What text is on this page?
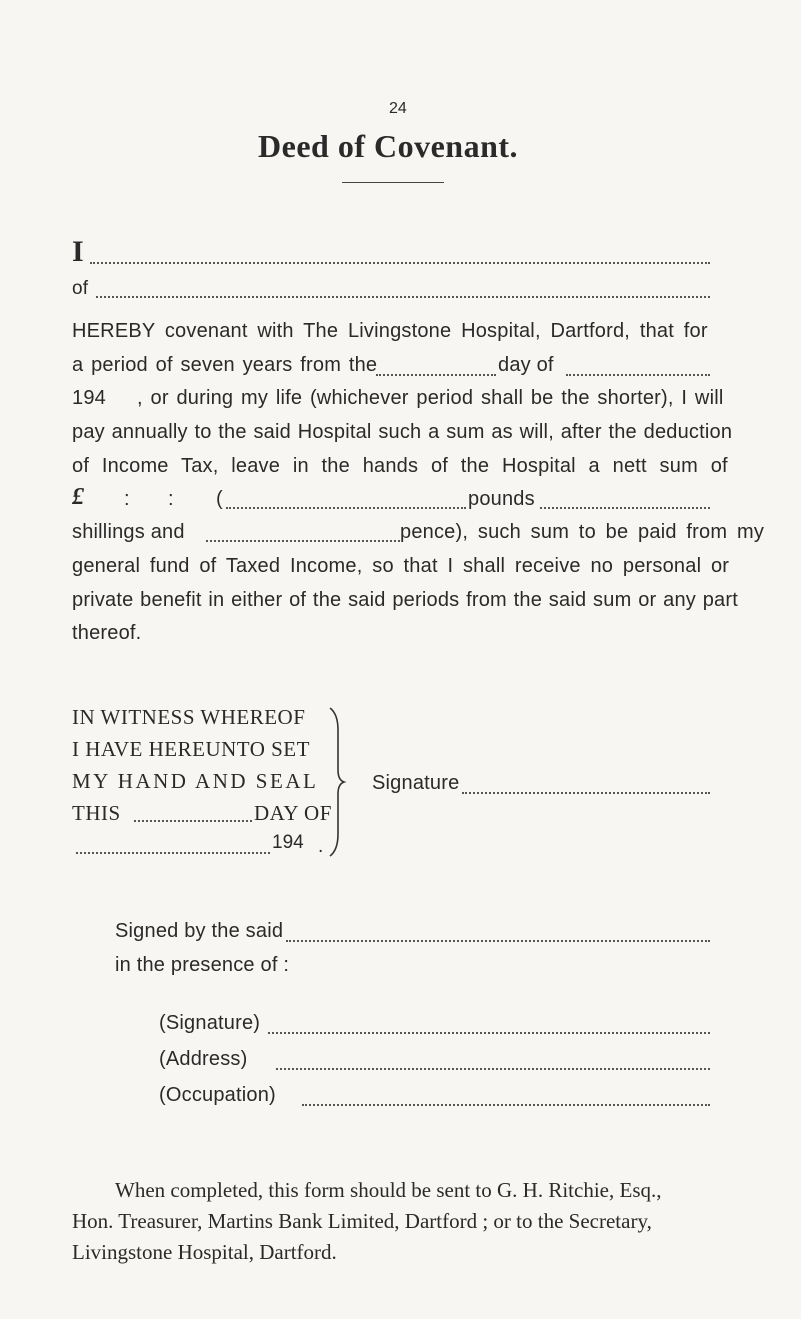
24
Deed of Covenant.
I
of
HEREBY covenant with The Livingstone Hospital, Dartford, that for
a period of seven years from the	day of
194    , or during my life (whichever period shall be the shorter), I will
pay annually to the said Hospital such a sum as will, after the deduction
of Income Tax, leave in the hands of the Hospital a nett sum of
£ : : (	pounds
shillings and	pence), such sum to be paid from my
general fund of Taxed Income, so that I shall receive no personal or
private benefit in either of the said periods from the said sum or any part
thereof.
IN WITNESS WHEREOF
I HAVE HEREUNTO SET
MY HAND AND SEAL
THIS	DAY OF
194 .
Signature
Signed by the said
in the presence of :
(Signature)
(Address)
(Occupation)
When completed, this form should be sent to G. H. Ritchie, Esq.,
Hon. Treasurer, Martins Bank Limited, Dartford ; or to the Secretary,
Livingstone Hospital, Dartford.
